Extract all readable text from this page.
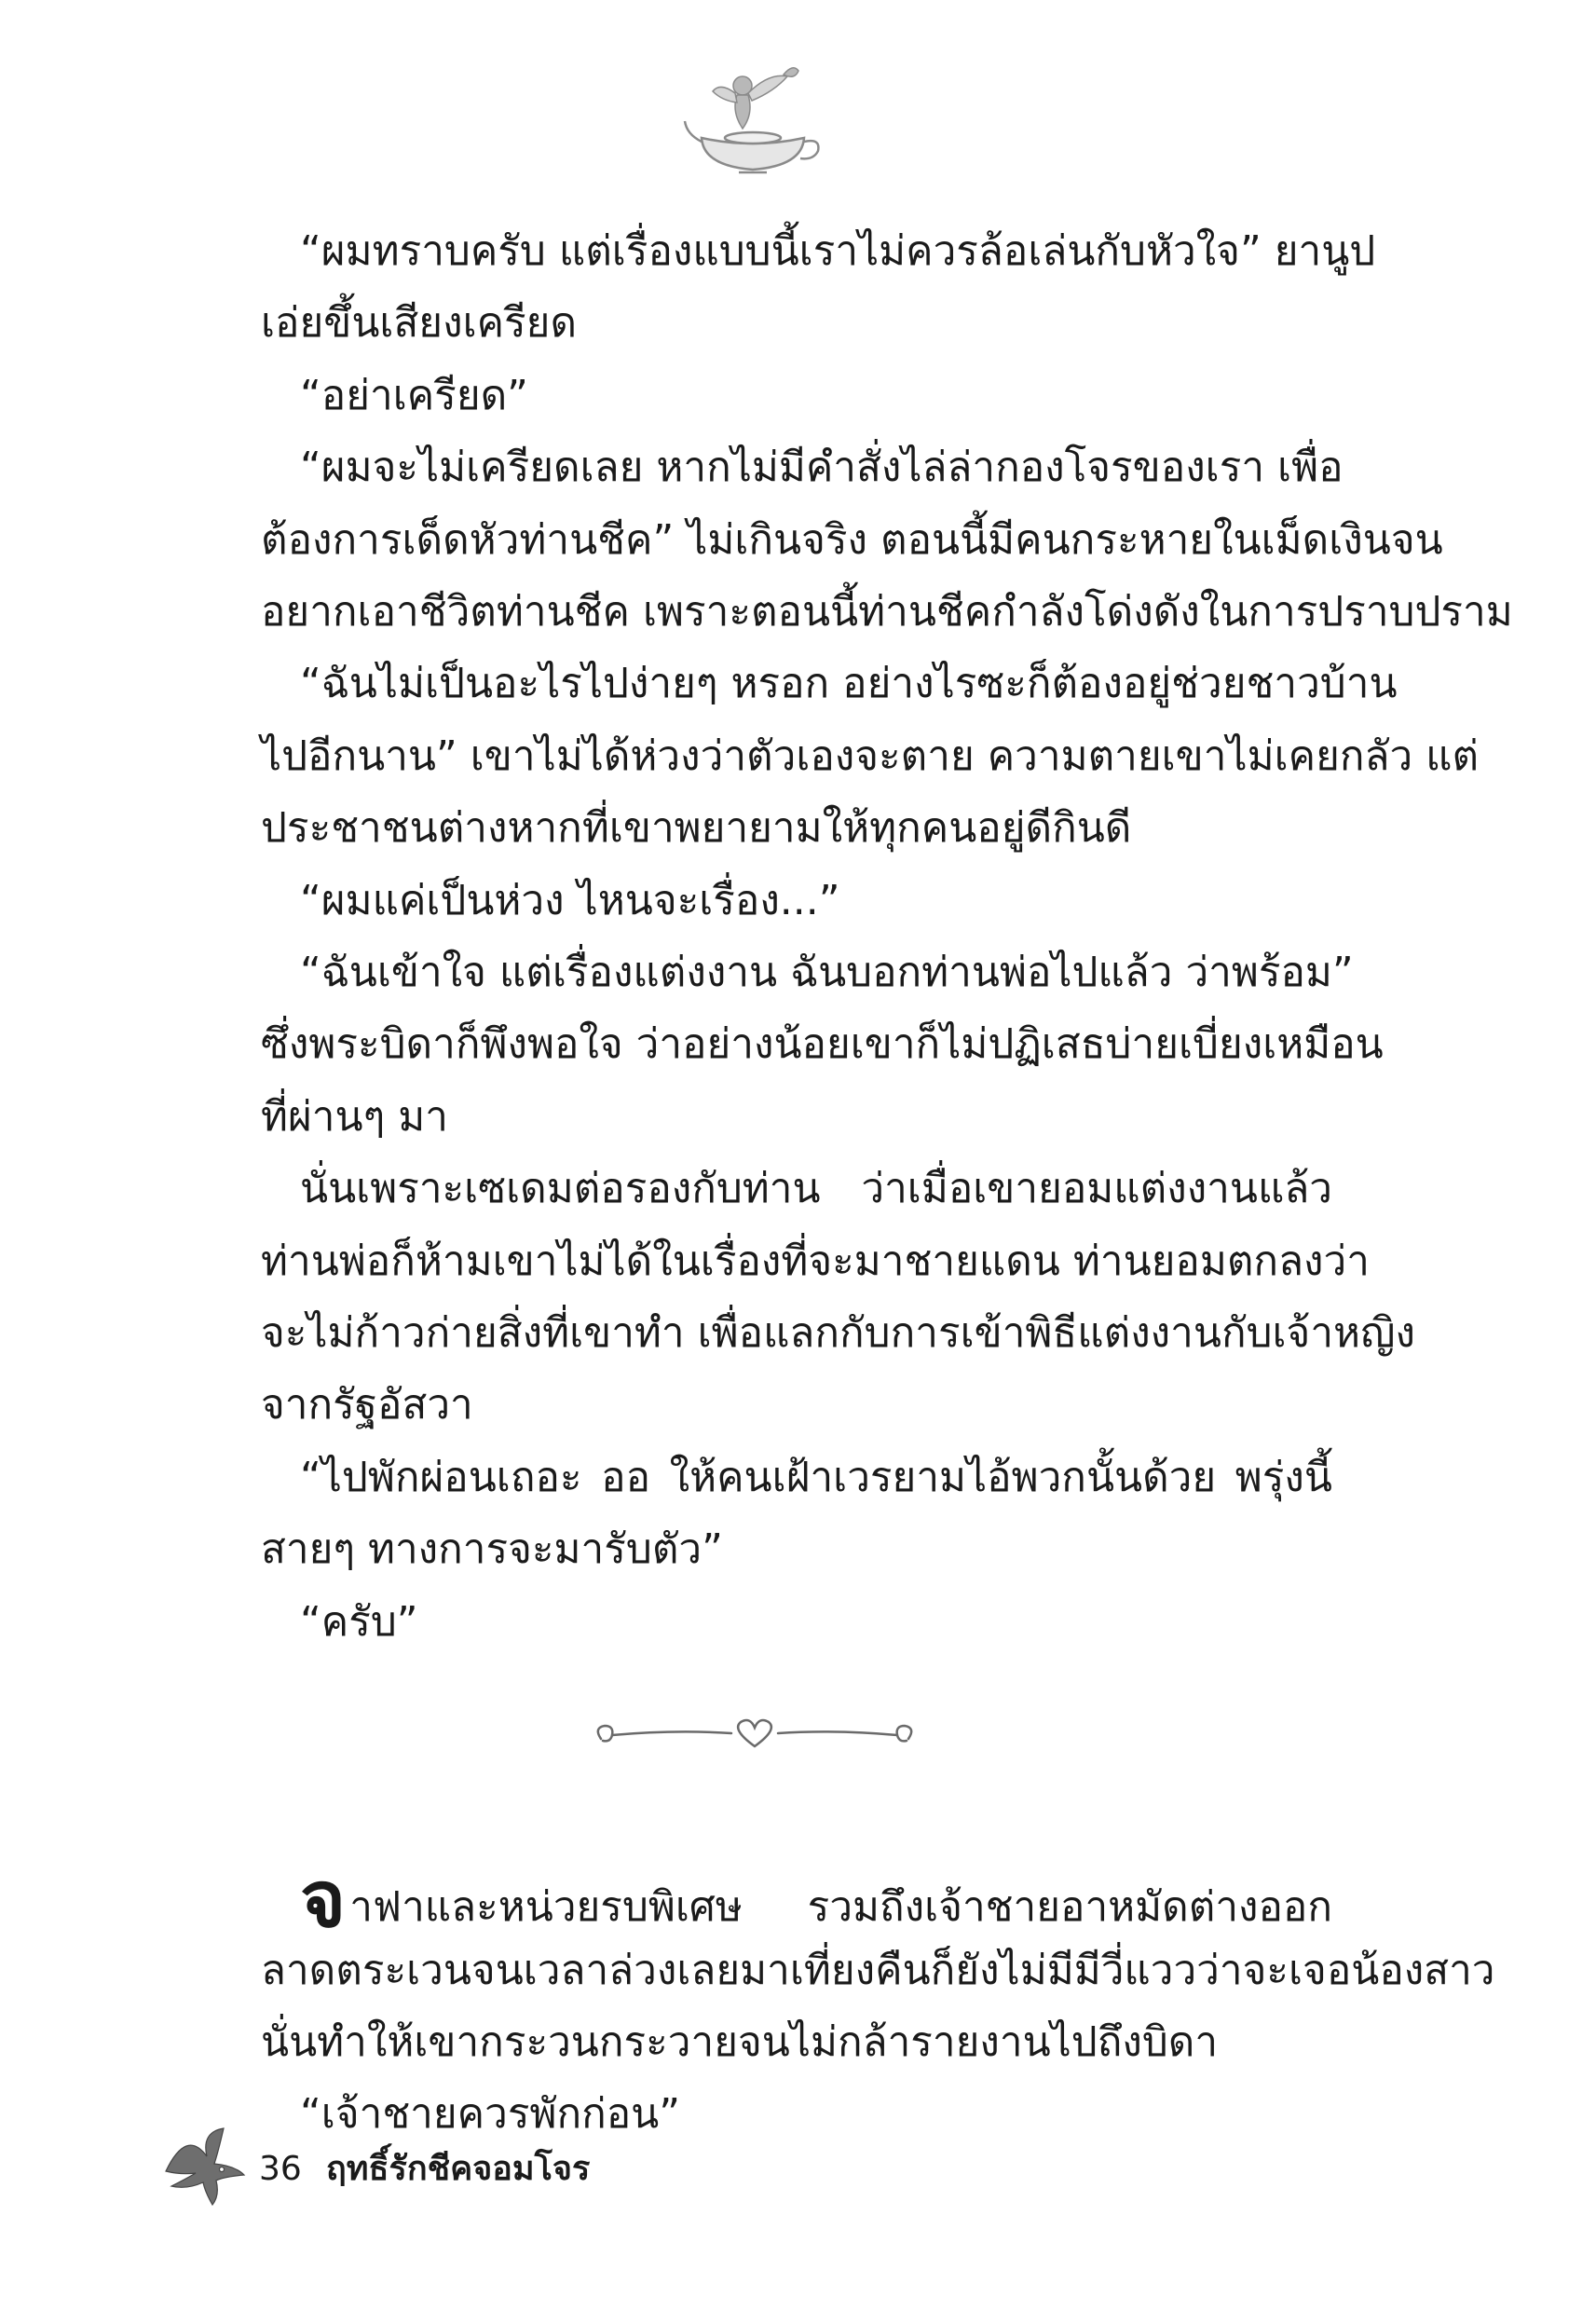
“ผมทราบครับ แต่เรื่องแบบนี้เราไม่ควรล้อเล่นกับหัวใจ” ยานูป
เอ่ยขึ้นเสียงเครียด
“อย่าเครียด”
“ผมจะไม่เครียดเลย หากไม่มีคำสั่งไล่ล่ากองโจรของเรา เพื่อ
ต้องการเด็ดหัวท่านชีค” ไม่เกินจริง ตอนนี้มีคนกระหายในเม็ดเงินจน
อยากเอาชีวิตท่านชีค เพราะตอนนี้ท่านชีคกำลังโด่งดังในการปราบปราม
“ฉันไม่เป็นอะไรไปง่ายๆ หรอก อย่างไรซะก็ต้องอยู่ช่วยชาวบ้าน
ไปอีกนาน” เขาไม่ได้ห่วงว่าตัวเองจะตาย ความตายเขาไม่เคยกลัว แต่
ประชาชนต่างหากที่เขาพยายามให้ทุกคนอยู่ดีกินดี
“ผมแค่เป็นห่วง ไหนจะเรื่อง...”
“ฉันเข้าใจ แต่เรื่องแต่งงาน ฉันบอกท่านพ่อไปแล้ว ว่าพร้อม”
ซึ่งพระบิดาก็พึงพอใจ ว่าอย่างน้อยเขาก็ไม่ปฏิเสธบ่ายเบี่ยงเหมือน
ที่ผ่านๆ มา
นั่นเพราะเซเดมต่อรองกับท่าน ว่าเมื่อเขายอมแต่งงานแล้ว
ท่านพ่อก็ห้ามเขาไม่ได้ในเรื่องที่จะมาชายแดน ท่านยอมตกลงว่า
จะไม่ก้าวก่ายสิ่งที่เขาทำ เพื่อแลกกับการเข้าพิธีแต่งงานกับเจ้าหญิง
จากรัฐอัสวา
“ไปพักผ่อนเถอะ ออ ให้คนเฝ้าเวรยามไอ้พวกนั้นด้วย พรุ่งนี้
สายๆ ทางการจะมารับตัว”
“ครับ”
จาฟาและหน่วยรบพิเศษ รวมถึงเจ้าชายอาหมัดต่างออก
ลาดตระเวนจนเวลาล่วงเลยมาเที่ยงคืนก็ยังไม่มีมีวี่แววว่าจะเจอน้องสาว
นั่นทำให้เขากระวนกระวายจนไม่กล้ารายงานไปถึงบิดา
“เจ้าชายควรพักก่อน”
36 ฤทธิ์รักชีคจอมโจร
